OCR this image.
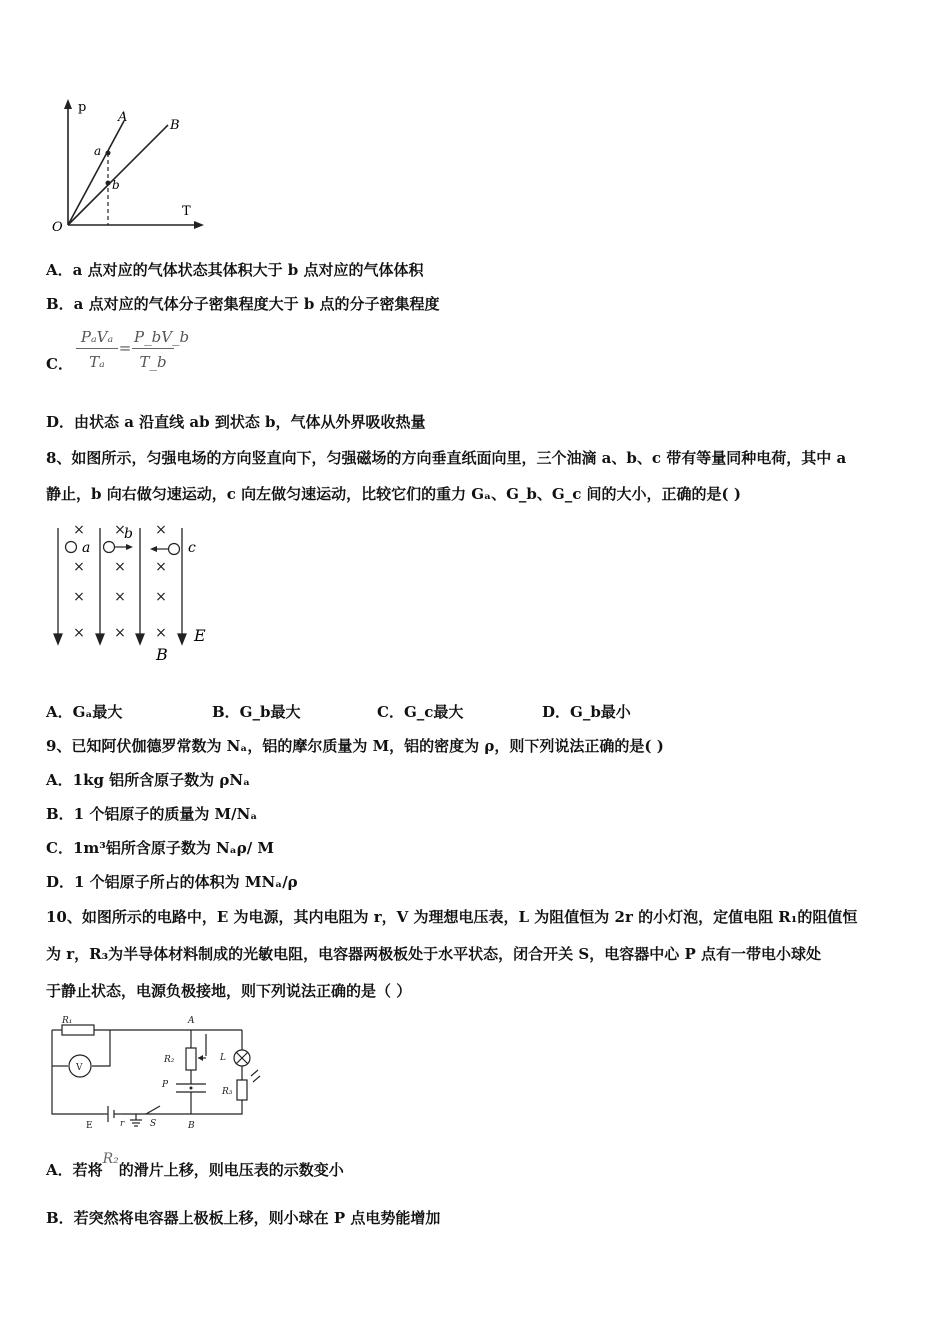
p
T
O
A
B
a
b
A．a 点对应的气体状态其体积大于 b 点对应的气体体积
B．a 点对应的气体分子密集程度大于 b 点的分子密集程度
C．
PₐVₐ
Tₐ
= $\frac{P\_bV\_b}{T\_b}$
D．由状态 a 沿直线 ab 到状态 b，气体从外界吸收热量
8、如图所示，匀强电场的方向竖直向下，匀强磁场的方向垂直纸面向里，三个油滴 a、b、c 带有等量同种电荷，其中 a
静止，b 向右做匀速运动，c 向左做匀速运动，比较它们的重力 Gₐ、G_b、G_c 间的大小，正确的是( )
× × ×
× × ×
× × ×
× × ×
a
b
c
E
B
A．Gₐ最大	B．G_b最大	C．G_c最大	D．G_b最小
9、已知阿伏伽德罗常数为 Nₐ，铝的摩尔质量为 M，铝的密度为 ρ，则下列说法正确的是( )
A．1kg 铝所含原子数为 ρNₐ
B．1 个铝原子的质量为 M/Nₐ
C．1m³铝所含原子数为 Nₐρ/ M
D．1 个铝原子所占的体积为 MNₐ/ρ
10、如图所示的电路中，E 为电源，其内电阻为 r，V 为理想电压表，L 为阻值恒为 2r 的小灯泡，定值电阻 R₁的阻值恒
为 r，R₃为半导体材料制成的光敏电阻，电容器两极板处于水平状态，闭合开关 S，电容器中心 P 点有一带电小球处
于静止状态，电源负极接地，则下列说法正确的是（ ）
R₁
V
A
R₂	L
P
R₃
E	r	S	B
A．若将R₂的滑片上移，则电压表的示数变小
B．若突然将电容器上极板上移，则小球在 P 点电势能增加
